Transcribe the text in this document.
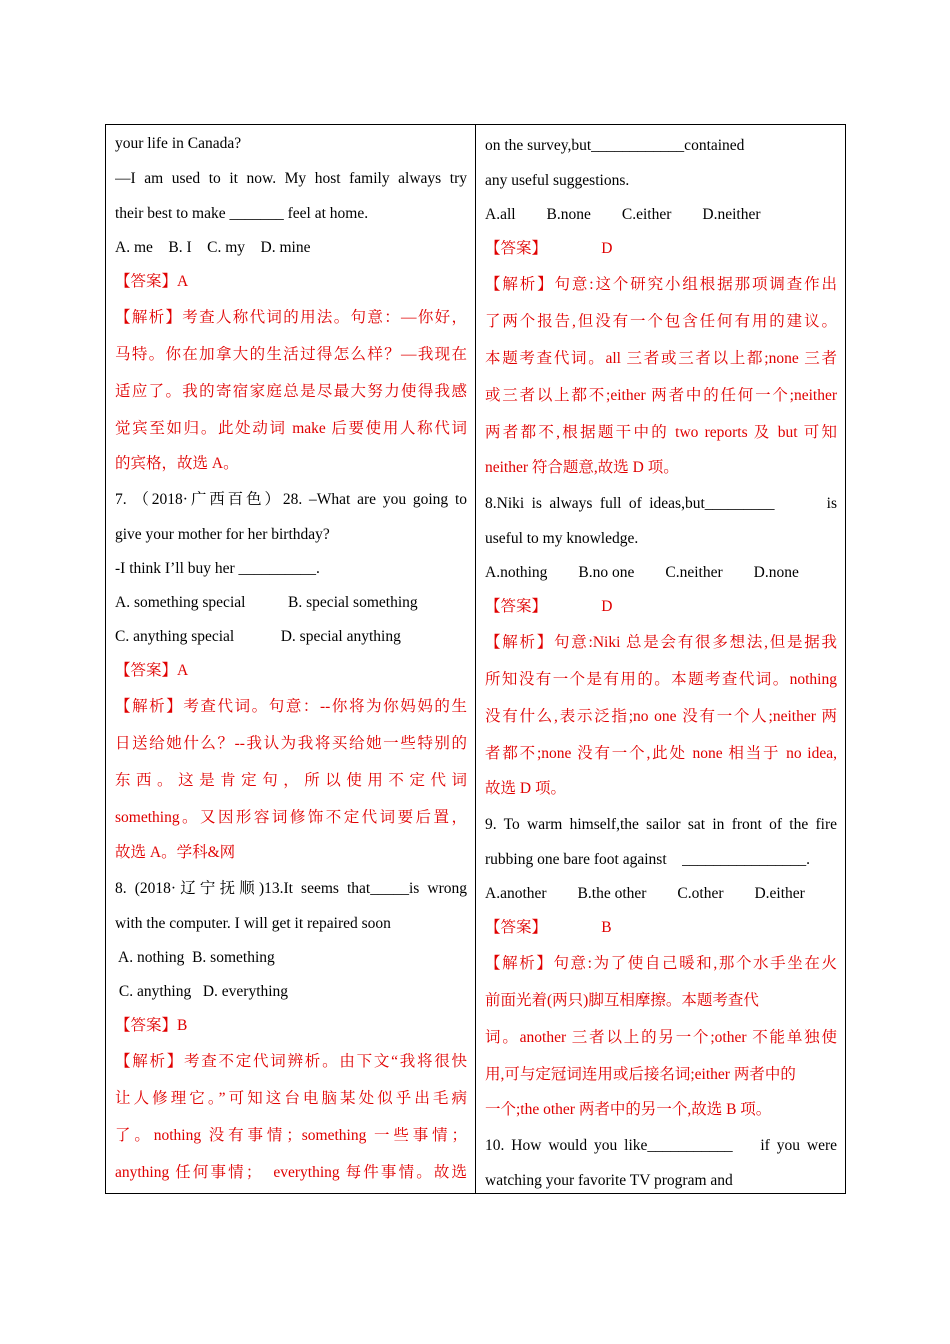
your life in Canada?
—I am used to it now. My host family always try
their best to make _______ feel at home.
A. me    B. I    C. my    D. mine
【答案】A
【解析】考查人称代词的用法。句意：—你好，
马特。你在加拿大的生活过得怎么样？—我现在
适应了。我的寄宿家庭总是尽最大努力使得我感
觉宾至如归。此处动词 make 后要使用人称代词
的宾格，故选 A。
7. （2018·广西百色）28. –What are you going to
give your mother for her birthday?
-I think I’ll buy her __________.
A. something special           B. special something
C. anything special            D. special anything
【答案】A
【解析】考查代词。句意：--你将为你妈妈的生
日送给她什么？--我认为我将买给她一些特别的
东西。这是肯定句，所以使用不定代词
something。又因形容词修饰不定代词要后置，
故选 A。学科&网
8. (2018·辽宁抚顺)13.It seems that_____is wrong
with the computer. I will get it repaired soon
A. nothing  B. something
C. anything   D. everything
【答案】B
【解析】考查不定代词辨析。由下文“我将很快
让人修理它。”可知这台电脑某处似乎出毛病
了。nothing 没有事情；something 一些事情；
anything 任何事情；  everything 每件事情。故选
on the survey,but____________contained
any useful suggestions.
A.all        B.none        C.either        D.neither
【答案】              D
【解析】句意:这个研究小组根据那项调查作出
了两个报告,但没有一个包含任何有用的建议。
本题考查代词。all 三者或三者以上都;none 三者
或三者以上都不;either 两者中的任何一个;neither
两者都不,根据题干中的 two reports 及 but 可知
neither 符合题意,故选 D 项。
8.Niki is always full of ideas,but_________       is
useful to my knowledge.
A.nothing        B.no one        C.neither        D.none
【答案】              D
【解析】句意:Niki 总是会有很多想法,但是据我
所知没有一个是有用的。本题考查代词。nothing
没有什么,表示泛指;no one 没有一个人;neither 两
者都不;none 没有一个,此处 none 相当于 no idea,
故选 D 项。
9. To warm himself,the sailor sat in front of the fire
rubbing one bare foot against    ________________.
A.another        B.the other        C.other        D.either
【答案】              B
【解析】句意:为了使自己暖和,那个水手坐在火
前面光着(两只)脚互相摩擦。本题考查代
词。another 三者以上的另一个;other 不能单独使
用,可与定冠词连用或后接名词;either 两者中的
一个;the other 两者中的另一个,故选 B 项。
10. How would you like___________    if you were
watching your favorite TV program and
